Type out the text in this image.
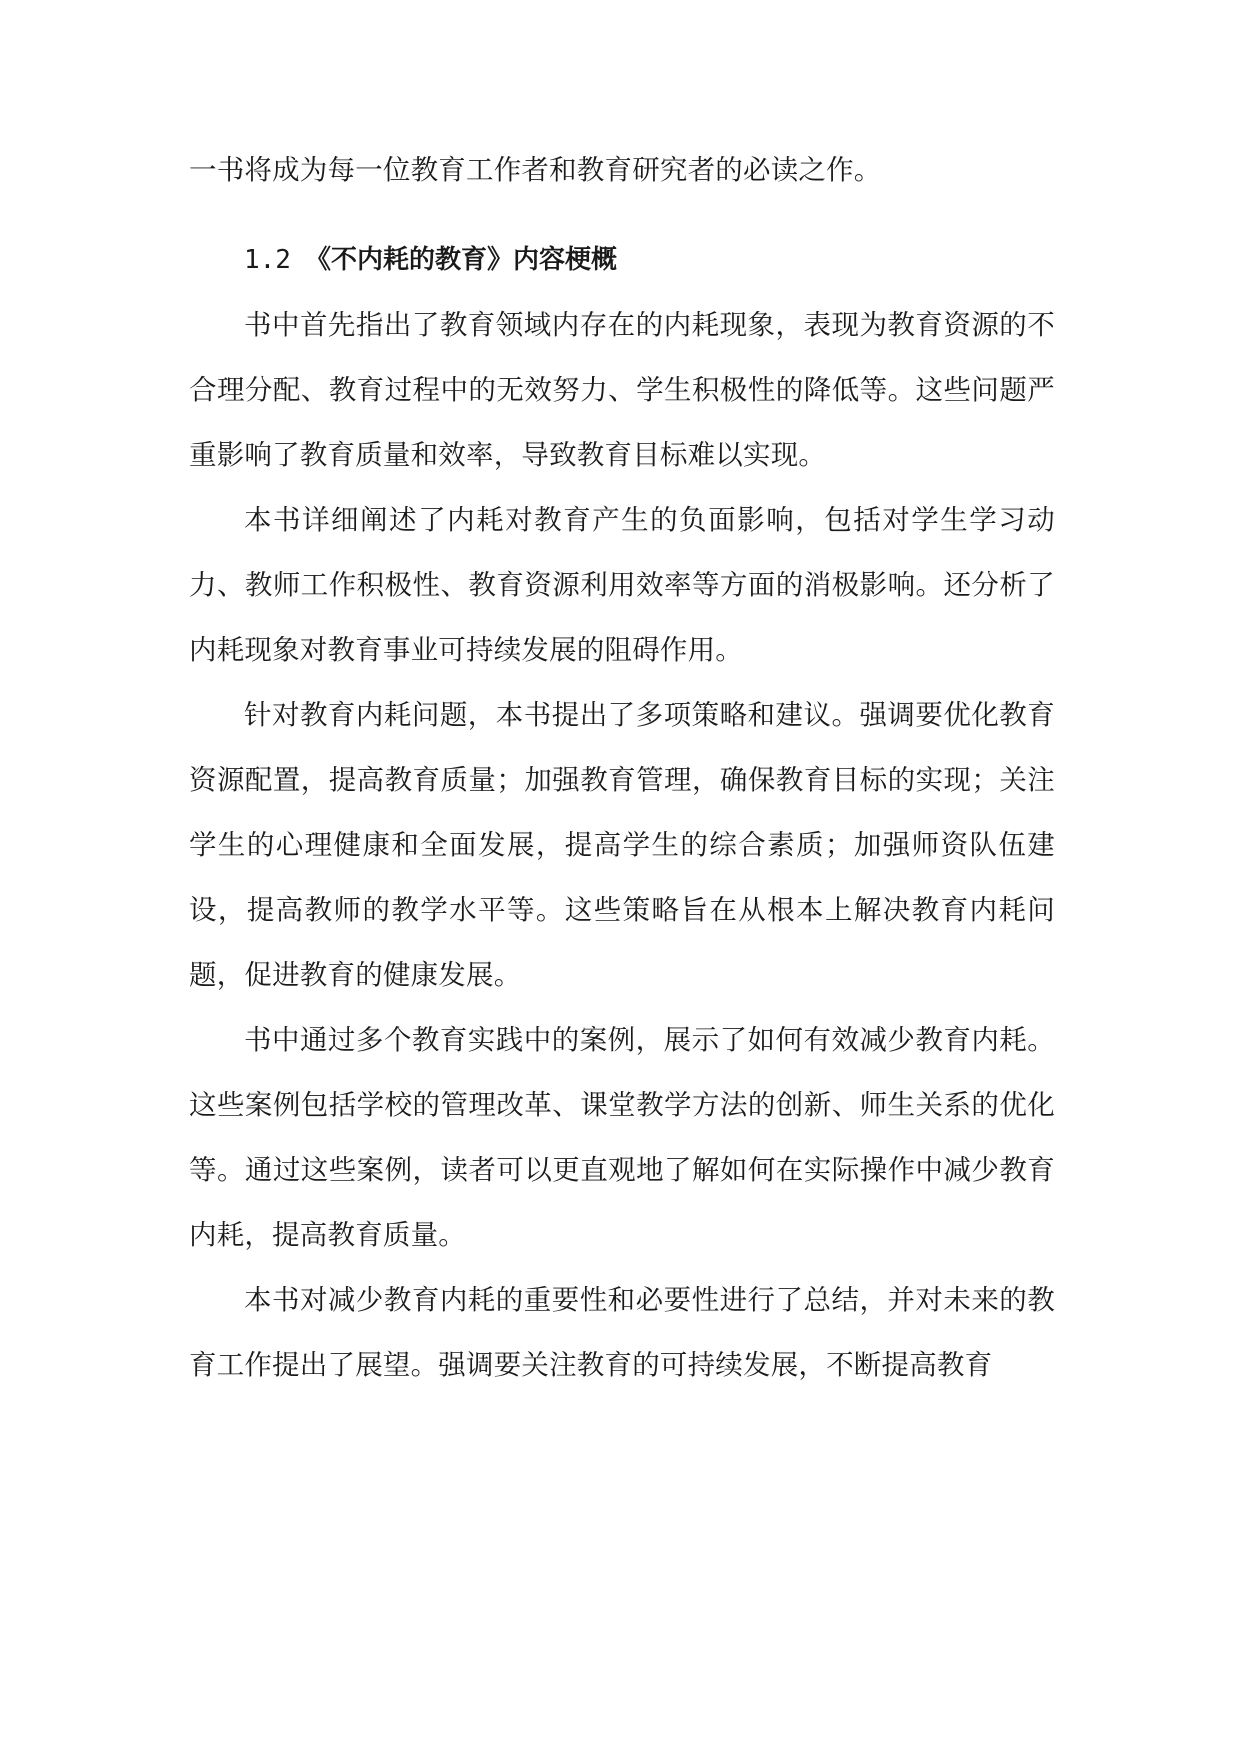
一书将成为每一位教育工作者和教育研究者的必读之作。

1.2 《不内耗的教育》内容梗概

书中首先指出了教育领域内存在的内耗现象，表现为教育资源的不合理分配、教育过程中的无效努力、学生积极性的降低等。这些问题严重影响了教育质量和效率，导致教育目标难以实现。

本书详细阐述了内耗对教育产生的负面影响，包括对学生学习动力、教师工作积极性、教育资源利用效率等方面的消极影响。还分析了内耗现象对教育事业可持续发展的阻碍作用。

针对教育内耗问题，本书提出了多项策略和建议。强调要优化教育资源配置，提高教育质量；加强教育管理，确保教育目标的实现；关注学生的心理健康和全面发展，提高学生的综合素质；加强师资队伍建设，提高教师的教学水平等。这些策略旨在从根本上解决教育内耗问题，促进教育的健康发展。

书中通过多个教育实践中的案例，展示了如何有效减少教育内耗。这些案例包括学校的管理改革、课堂教学方法的创新、师生关系的优化等。通过这些案例，读者可以更直观地了解如何在实际操作中减少教育内耗，提高教育质量。

本书对减少教育内耗的重要性和必要性进行了总结，并对未来的教育工作提出了展望。强调要关注教育的可持续发展，不断提高教育
